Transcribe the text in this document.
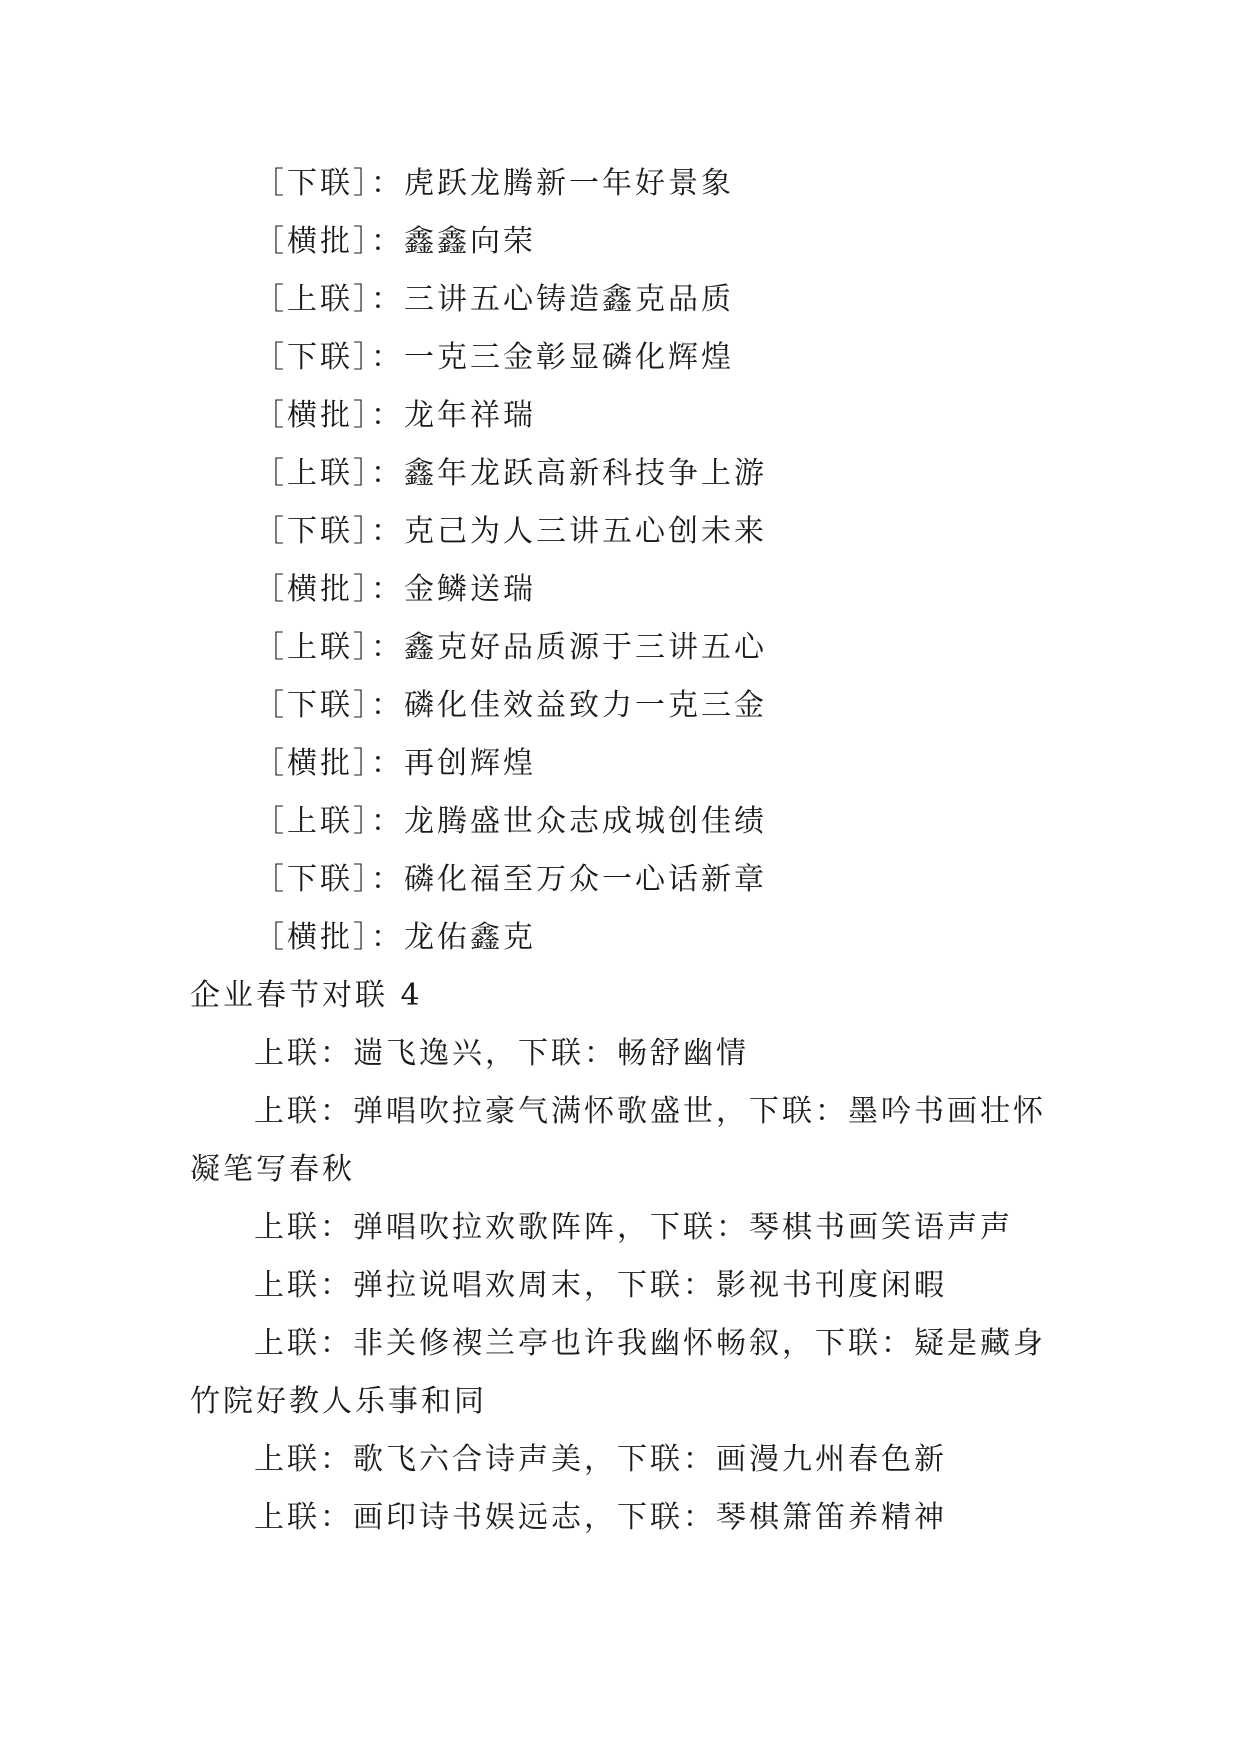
［下联］：虎跃龙腾新一年好景象
［横批］：鑫鑫向荣
［上联］：三讲五心铸造鑫克品质
［下联］：一克三金彰显磷化辉煌
［横批］：龙年祥瑞
［上联］：鑫年龙跃高新科技争上游
［下联］：克己为人三讲五心创未来
［横批］：金鳞送瑞
［上联］：鑫克好品质源于三讲五心
［下联］：磷化佳效益致力一克三金
［横批］：再创辉煌
［上联］：龙腾盛世众志成城创佳绩
［下联］：磷化福至万众一心话新章
［横批］：龙佑鑫克
企业春节对联 4
上联：遄飞逸兴，下联：畅舒幽情
上联：弹唱吹拉豪气满怀歌盛世，下联：墨吟书画壮怀凝笔写春秋
上联：弹唱吹拉欢歌阵阵，下联：琴棋书画笑语声声
上联：弹拉说唱欢周末，下联：影视书刊度闲暇
上联：非关修禊兰亭也许我幽怀畅叙，下联：疑是藏身竹院好教人乐事和同
上联：歌飞六合诗声美，下联：画漫九州春色新
上联：画印诗书娱远志，下联：琴棋箫笛养精神
